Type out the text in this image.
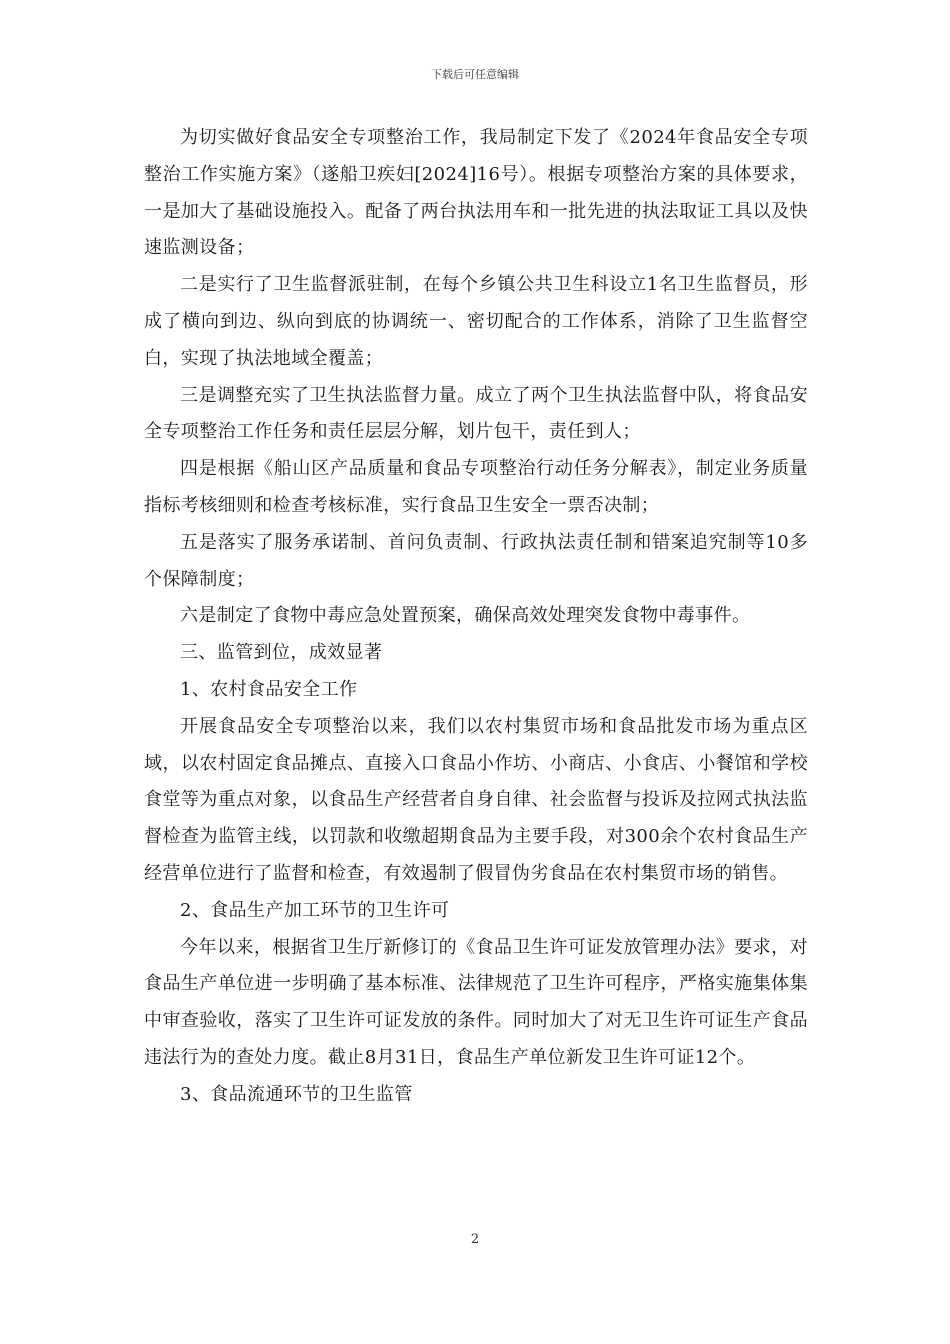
下载后可任意编辑

为切实做好食品安全专项整治工作，我局制定下发了《2024年食品安全专项整治工作实施方案》（遂船卫疾妇[2024]16号）。根据专项整治方案的具体要求，一是加大了基础设施投入。配备了两台执法用车和一批先进的执法取证工具以及快速监测设备；

二是实行了卫生监督派驻制，在每个乡镇公共卫生科设立1名卫生监督员，形成了横向到边、纵向到底的协调统一、密切配合的工作体系，消除了卫生监督空白，实现了执法地域全覆盖；

三是调整充实了卫生执法监督力量。成立了两个卫生执法监督中队，将食品安全专项整治工作任务和责任层层分解，划片包干，责任到人；

四是根据《船山区产品质量和食品专项整治行动任务分解表》，制定业务质量指标考核细则和检查考核标准，实行食品卫生安全一票否决制；

五是落实了服务承诺制、首问负责制、行政执法责任制和错案追究制等10多个保障制度；

六是制定了食物中毒应急处置预案，确保高效处理突发食物中毒事件。

三、监管到位，成效显著

1、农村食品安全工作

开展食品安全专项整治以来，我们以农村集贸市场和食品批发市场为重点区域，以农村固定食品摊点、直接入口食品小作坊、小商店、小食店、小餐馆和学校食堂等为重点对象，以食品生产经营者自身自律、社会监督与投诉及拉网式执法监督检查为监管主线，以罚款和收缴超期食品为主要手段，对300余个农村食品生产经营单位进行了监督和检查，有效遏制了假冒伪劣食品在农村集贸市场的销售。

2、食品生产加工环节的卫生许可

今年以来，根据省卫生厅新修订的《食品卫生许可证发放管理办法》要求，对食品生产单位进一步明确了基本标准、法律规范了卫生许可程序，严格实施集体集中审查验收，落实了卫生许可证发放的条件。同时加大了对无卫生许可证生产食品违法行为的查处力度。截止8月31日，食品生产单位新发卫生许可证12个。

3、食品流通环节的卫生监管

2
